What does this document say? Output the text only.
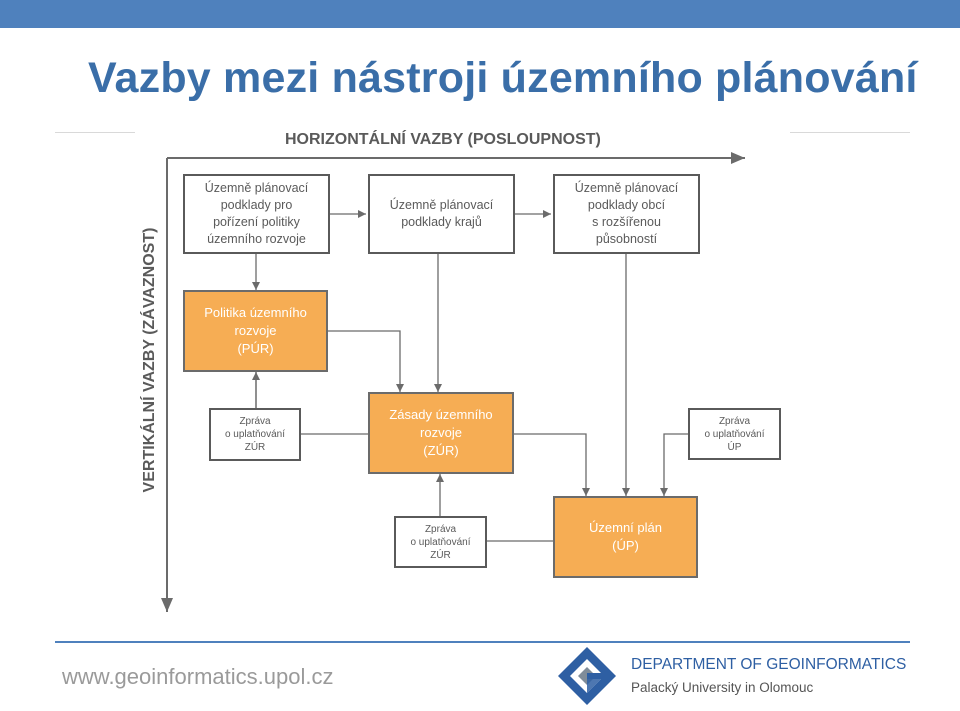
Vazby mezi nástroji územního plánování
HORIZONTÁLNÍ VAZBY (POSLOUPNOST)
VERTIKÁLNÍ VAZBY (ZÁVAZNOST)
Územně plánovací
podklady pro
pořízení politiky
územního rozvoje
Územně plánovací
podklady krajů
Územně plánovací
podklady obcí
s rozšířenou
působností
Politika územního
rozvoje
(PÚR)
Zásady územního
rozvoje
(ZÚR)
Územní plán
(ÚP)
Zpráva
o uplatňování
ZÚR
Zpráva
o uplatňování
ZÚR
Zpráva
o uplatňování
ÚP
www.geoinformatics.upol.cz	DEPARTMENT OF GEOINFORMATICS
Palacký University in Olomouc
